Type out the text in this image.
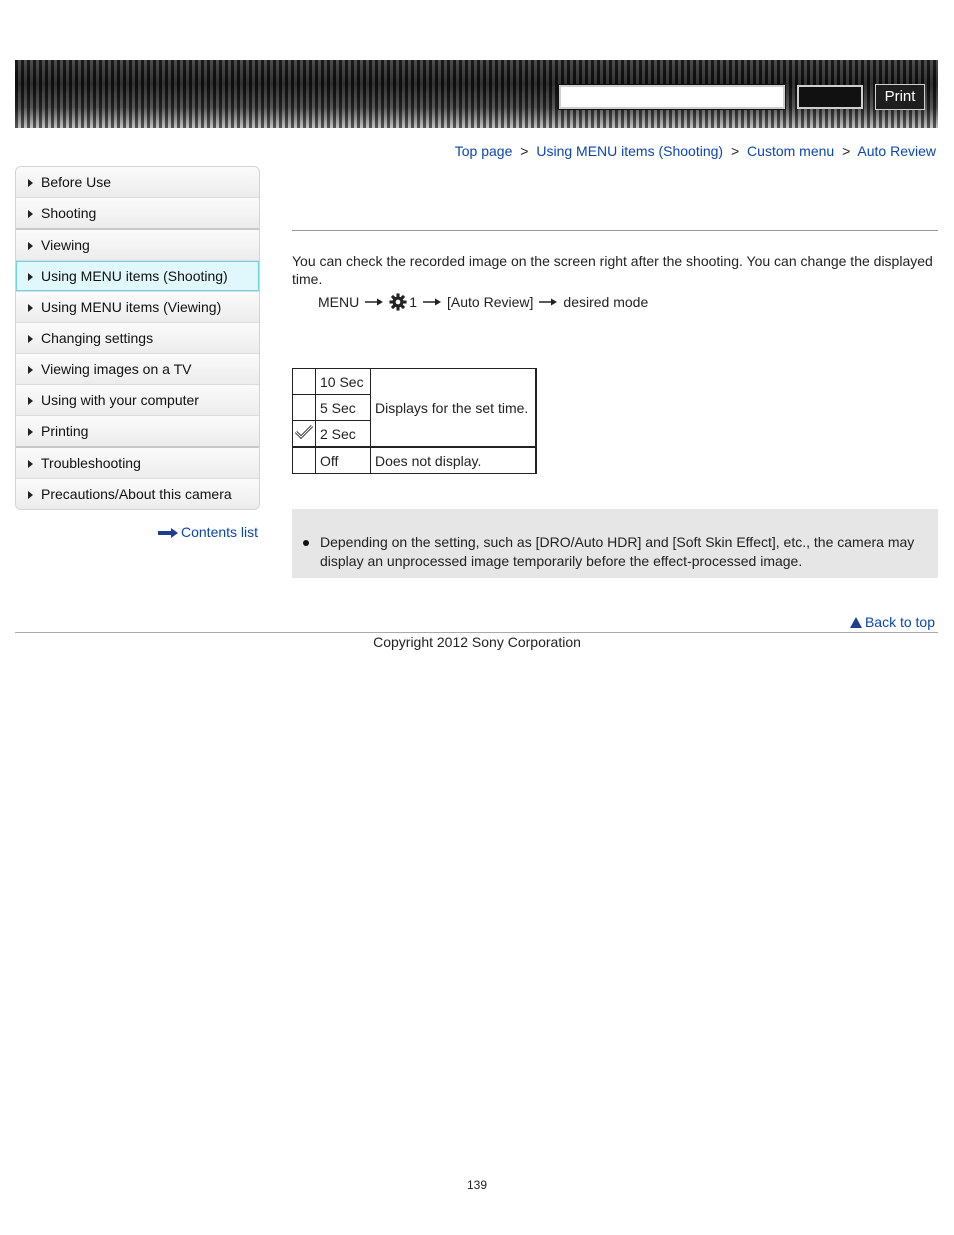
Print
Top page > Using MENU items (Shooting) > Custom menu > Auto Review
Before Use
Shooting
Viewing
Using MENU items (Shooting)
Using MENU items (Viewing)
Changing settings
Viewing images on a TV
Using with your computer
Printing
Troubleshooting
Precautions/About this camera
Contents list
You can check the recorded image on the screen right after the shooting. You can change the displayed time.
MENU	1 [Auto Review] desired mode
	10 Sec	Displays for the set time.
	5 Sec	
	2 Sec	
	Off	Does not display.
Depending on the setting, such as [DRO/Auto HDR] and [Soft Skin Effect], etc., the camera may display an unprocessed image temporarily before the effect-processed image.
Back to top
Copyright 2012 Sony Corporation
139
